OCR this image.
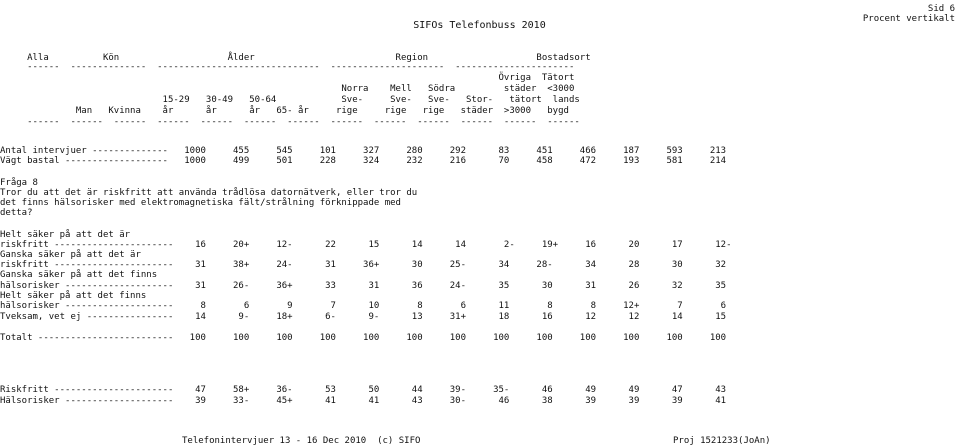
Sid 6
SIFOs Telefonbuss 2010
Procent vertikalt
Alla          Kön                    Ålder                          Region                    Bostadsort
------  --------------  ------------------------------  ---------------------  ----------------------
Övriga  Tätort
Norra    Mell   Södra         städer  <3000
15-29   30-49   50-64            Sve-     Sve-   Sve-   Stor-   tätort  lands
Man   Kvinna    år      år      år   65- år     rige     rige   rige   städer  >3000   bygd
------  ------  ------  ------  ------  ------  ------  ------  ------  ------  ------  ------  ------
Antal intervjuer --------------   1000     455     545     101     327     280     292      83     451     466     187     593     213
Vägt bastal -------------------   1000     499     501     228     324     232     216      70     458     472     193     581     214
Fråga 8
Tror du att det är riskfritt att använda trådlösa datornätverk, eller tror du
det finns hälsorisker med elektromagnetiska fält/strålning förknippade med
detta?
Helt säker på att det är
riskfritt ----------------------    16     20+     12-      22      15      14      14       2-     19+     16      20      17      12-
Ganska säker på att det är
riskfritt ----------------------    31     38+     24-      31     36+      30     25-      34     28-      34      28      30      32
Ganska säker på att det finns
hälsorisker --------------------    31     26-     36+      33      31      36     24-      35      30      31      26      32      35
Helt säker på att det finns
hälsorisker --------------------     8       6       9       7      10       8       6      11       8       8     12+       7       6
Tveksam, vet ej ----------------    14      9-     18+      6-      9-      13     31+      18      16      12      12      14      15
Totalt -------------------------   100     100     100     100     100     100     100     100     100     100     100     100     100
Riskfritt ----------------------    47     58+     36-      53      50      44     39-     35-      46      49      49      47      43
Hälsorisker --------------------    39     33-     45+      41      41      43     30-      46      38      39      39      39      41
Telefonintervjuer 13 - 16 Dec 2010  (c) SIFO	Proj 1521233(JoAn)
